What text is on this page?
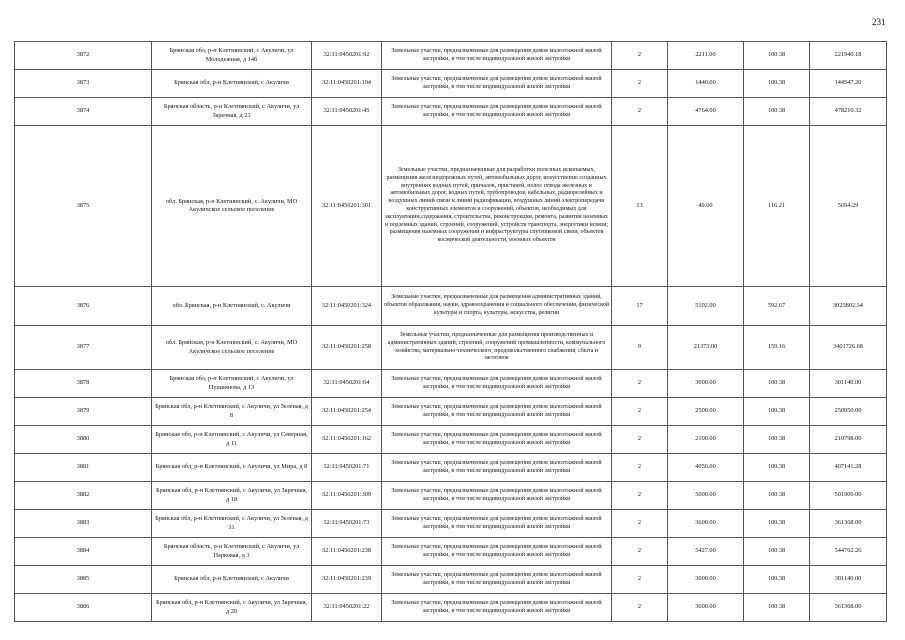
231
3872	Брянская обл, р-н Клетнянский, с Акуличи, ул Молодежная, д 14б	32:11:0450201:92	Земельные участки, предназначенные для размещения домов малоэтажной жилой застройки, в том числе индивидуальной жилой застройки	2	2211.00	100.38	221940.18
3873	Брянская обл, р-н Клетнянский, с Акуличи	32:11:0450201:194	Земельные участки, предназначенные для размещения домов малоэтажной жилой застройки, в том числе индивидуальной жилой застройки	2	1440.00	100.38	144547.20
3874	Брянская область, р-н Клетнянский, с Акуличи, ул Заречная, д 23	32:11:0450201:45	Земельные участки, предназначенные для размещения домов малоэтажной жилой застройки, в том числе индивидуальной жилой застройки	2	4764.00	100.38	478210.32
3875	обл. Брянская, р-н Клетнянский, с. Акуличи, МО Акуличское сельское поселение	32:11:0450201:301	Земельные участки, предназначенные для разработки полезных ископаемых, размещения железнодорожных путей, автомобильных дорог, искусственно созданных внутренних водных путей, причалов, пристаней, полос отвода железных и автомобильных дорог, водных путей, трубопроводов, кабельных, радиорелейных и воздушных линий связи и линий радиофикации, воздушных линий электропередачи конструктивных элементов и сооружений, объектов, необходимых для эксплуатации,содержания, строительства, реконструкции, ремонта, развития наземных и подземных зданий, строений, сооружений, устройств транспорта, энергетики исвязи; размещения наземных сооружений и инфраструктуры спутниковой связи, объектов космической деятельности, военных объектов	13	49.00	116.21	5694.29
3876	обл. Брянская, р-н Клетнянский, с. Акуличи	32:11:0450201:324	Земельные участки, предназначенные для размещения административных зданий, объектов образования, науки, здравоохранения и социального обеспечения, физической культуры и спорта, культуры, искусства, религии	17	5102.00	592.67	3023802.34
3877	обл. Брянская, р-н Клетнянский, с. Акуличи, МО Акуличское сельское поселение	32:11:0450201:258	Земельные участки, предназначенные для размещения производственных и административных зданий, строений, сооружений промышленности, коммунального хозяйства, материально-технического, продовольственного снабжения, сбыта и заготовок	9	21373.00	159.16	3401726.68
3878	Брянская обл, р-н Клетнянский, с Акуличи, ул Пушкинова, д 13	32:11:0450201:64	Земельные участки, предназначенные для размещения домов малоэтажной жилой застройки, в том числе индивидуальной жилой застройки	2	3000.00	100.38	301140.00
3879	Брянская обл, р-н Клетнянский, с Акуличи, ул Зеленая, д 8	32:11:0450201:254	Земельные участки, предназначенные для размещения домов малоэтажной жилой застройки, в том числе индивидуальной жилой застройки	2	2500.00	100.38	250950.00
3880	Брянская обл, р-н Клетнянский, с Акуличи, ул Северная, д 11	32:11:0450201:162	Земельные участки, предназначенные для размещения домов малоэтажной жилой застройки, в том числе индивидуальной жилой застройки	2	2100.00	100.38	210798.00
3881	Брянская обл, р-н Клетнянский, с Акуличи, ул Мира, д 8	32:11:0450201:71	Земельные участки, предназначенные для размещения домов малоэтажной жилой застройки, в том числе индивидуальной жилой застройки	2	4056.00	100.38	407141.28
3882	Брянская обл, р-н Клетнянский, с Акуличи, ул Заречная, д 18	32:11:0450201:309	Земельные участки, предназначенные для размещения домов малоэтажной жилой застройки, в том числе индивидуальной жилой застройки	2	5000.00	100.38	501900.00
3883	Брянская обл, р-н Клетнянский, с Акуличи, ул Зеленая, д 31	32:11:0450201:73	Земельные участки, предназначенные для размещения домов малоэтажной жилой застройки, в том числе индивидуальной жилой застройки	2	3600.00	100.38	361368.00
3884	Брянская область, р-н Клетнянский, с Акуличи, ул Парковая, д 3	32:11:0450201:238	Земельные участки, предназначенные для размещения домов малоэтажной жилой застройки, в том числе индивидуальной жилой застройки	2	5427.00	100.38	544762.26
3885	Брянская обл, р-н Клетнянский, с Акуличи	32:11:0450201:239	Земельные участки, предназначенные для размещения домов малоэтажной жилой застройки, в том числе индивидуальной жилой застройки	2	3000.00	100.38	301140.00
3886	Брянская обл, р-н Клетнянский, с Акуличи, ул Заречная, д 20	32:11:0450201:22	Земельные участки, предназначенные для размещения домов малоэтажной жилой застройки, в том числе индивидуальной жилой застройки	2	3600.00	100.38	361368.00
